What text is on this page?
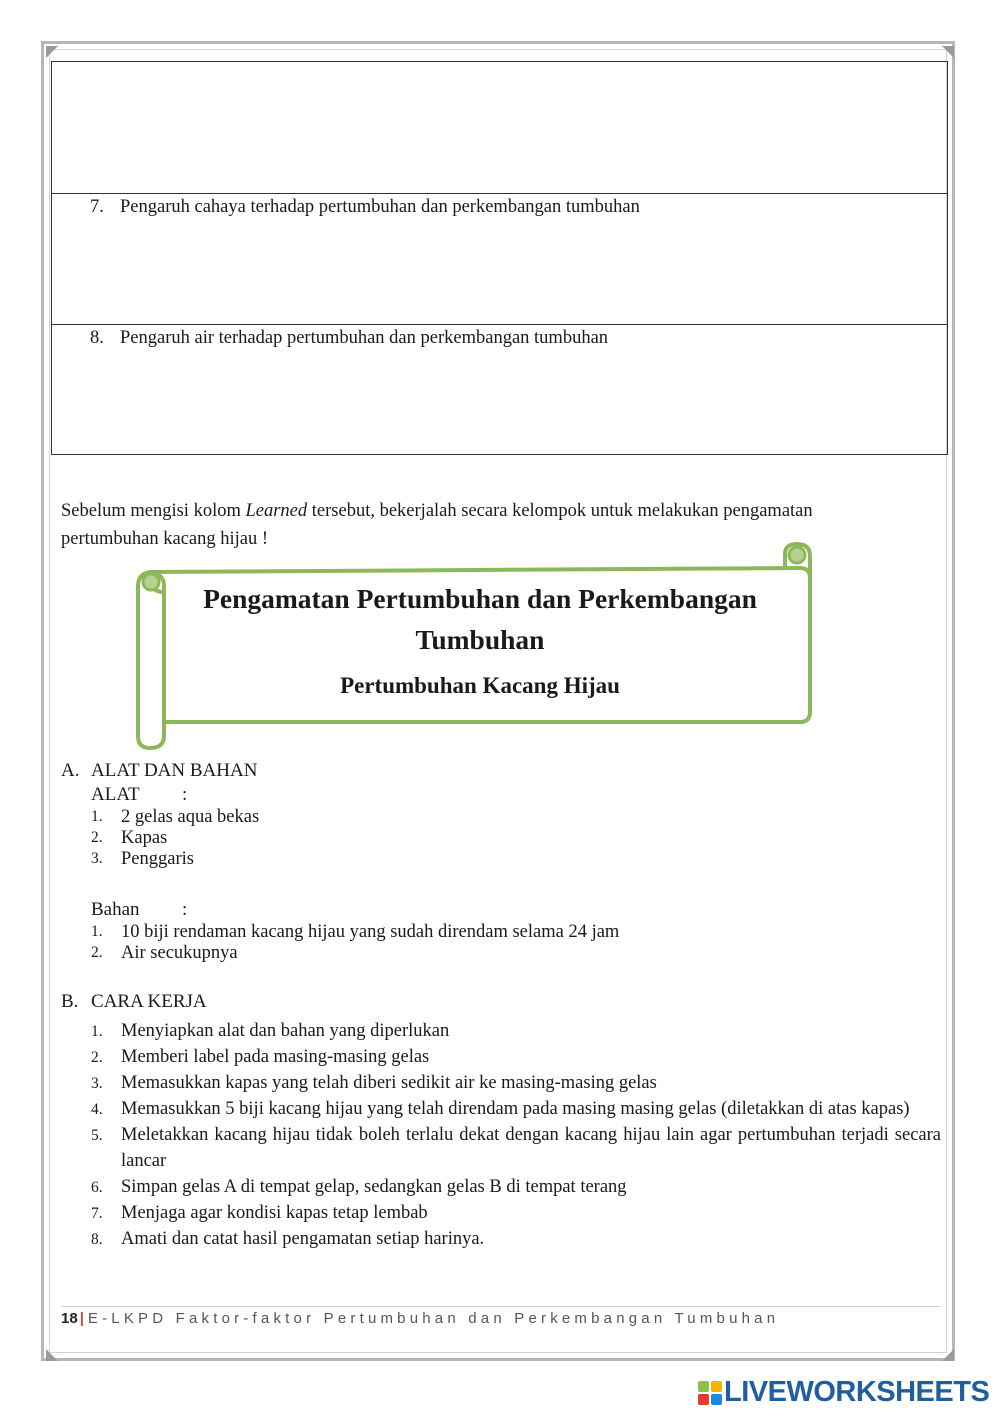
7. Pengaruh cahaya terhadap pertumbuhan dan perkembangan tumbuhan
8. Pengaruh air terhadap pertumbuhan dan perkembangan tumbuhan

Sebelum mengisi kolom Learned tersebut, bekerjalah secara kelompok untuk melakukan pengamatan pertumbuhan kacang hijau !

Pengamatan Pertumbuhan dan Perkembangan
Tumbuhan
Pertumbuhan Kacang Hijau
A. ALAT DAN BAHAN
ALAT :
1. 2 gelas aqua bekas
2. Kapas
3. Penggaris
Bahan :
1. 10 biji rendaman kacang hijau yang sudah direndam selama 24 jam
2. Air secukupnya
B. CARA KERJA
1. Menyiapkan alat dan bahan yang diperlukan
2. Memberi label pada masing-masing gelas
3. Memasukkan kapas yang telah diberi sedikit air ke masing-masing gelas
4. Memasukkan 5 biji kacang hijau yang telah direndam pada masing masing gelas (diletakkan di atas kapas)
5. Meletakkan kacang hijau tidak boleh terlalu dekat dengan kacang hijau lain agar pertumbuhan terjadi secara lancar
6. Simpan gelas A di tempat gelap, sedangkan gelas B di tempat terang
7. Menjaga agar kondisi kapas tetap lembab
8. Amati dan catat hasil pengamatan setiap harinya.
18 | E-LKPD Faktor-faktor Pertumbuhan dan Perkembangan Tumbuhan
LIVEWORKSHEETS
